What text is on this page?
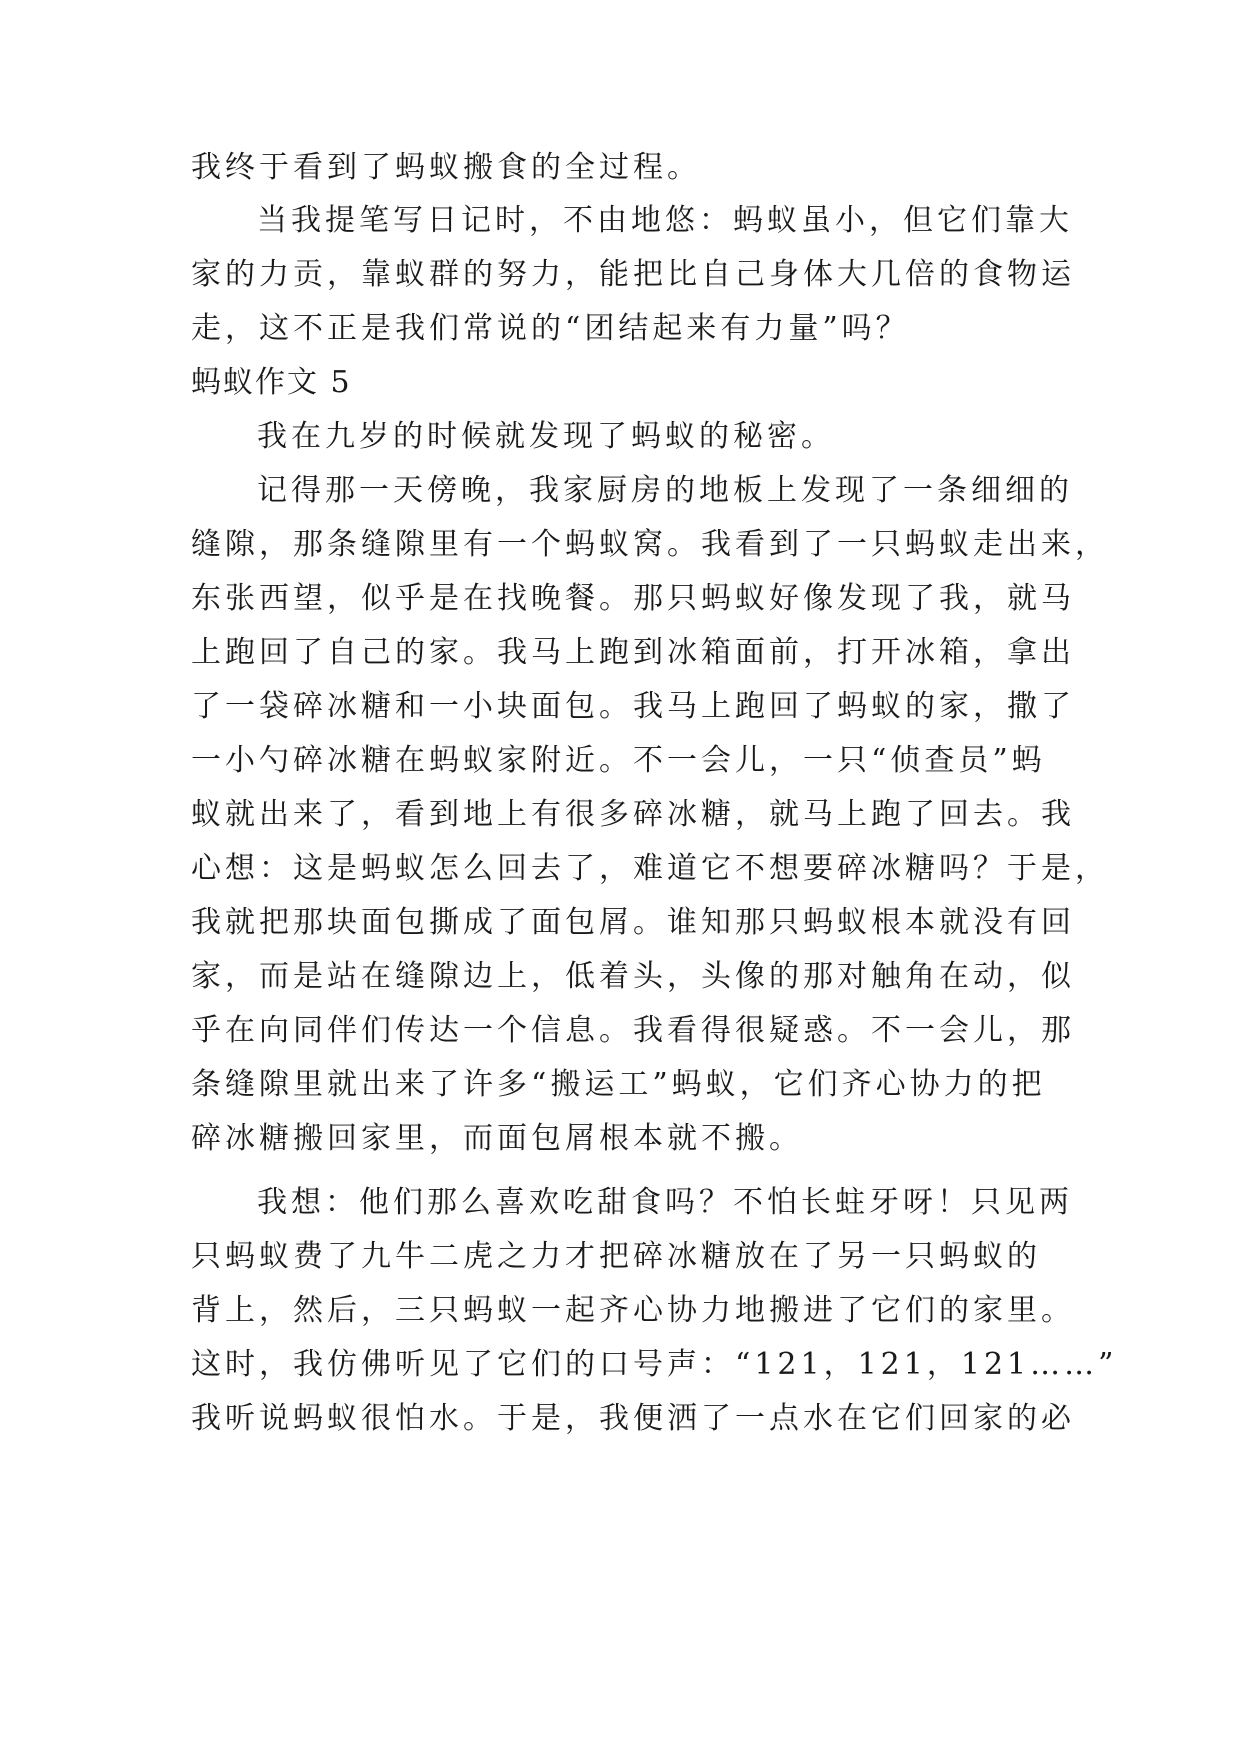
我终于看到了蚂蚁搬食的全过程。
当我提笔写日记时，不由地悠：蚂蚁虽小，但它们靠大
家的力贡，靠蚁群的努力，能把比自己身体大几倍的食物运
走，这不正是我们常说的“团结起来有力量”吗？
蚂蚁作文 5
我在九岁的时候就发现了蚂蚁的秘密。
记得那一天傍晚，我家厨房的地板上发现了一条细细的
缝隙，那条缝隙里有一个蚂蚁窝。我看到了一只蚂蚁走出来，
东张西望，似乎是在找晚餐。那只蚂蚁好像发现了我，就马
上跑回了自己的家。我马上跑到冰箱面前，打开冰箱，拿出
了一袋碎冰糖和一小块面包。我马上跑回了蚂蚁的家，撒了
一小勺碎冰糖在蚂蚁家附近。不一会儿，一只“侦查员”蚂
蚁就出来了，看到地上有很多碎冰糖，就马上跑了回去。我
心想：这是蚂蚁怎么回去了，难道它不想要碎冰糖吗？于是，
我就把那块面包撕成了面包屑。谁知那只蚂蚁根本就没有回
家，而是站在缝隙边上，低着头，头像的那对触角在动，似
乎在向同伴们传达一个信息。我看得很疑惑。不一会儿，那
条缝隙里就出来了许多“搬运工”蚂蚁，它们齐心协力的把
碎冰糖搬回家里，而面包屑根本就不搬。
我想：他们那么喜欢吃甜食吗？不怕长蛀牙呀！只见两
只蚂蚁费了九牛二虎之力才把碎冰糖放在了另一只蚂蚁的
背上，然后，三只蚂蚁一起齐心协力地搬进了它们的家里。
这时，我仿佛听见了它们的口号声：“121，121，121……”
我听说蚂蚁很怕水。于是，我便洒了一点水在它们回家的必
